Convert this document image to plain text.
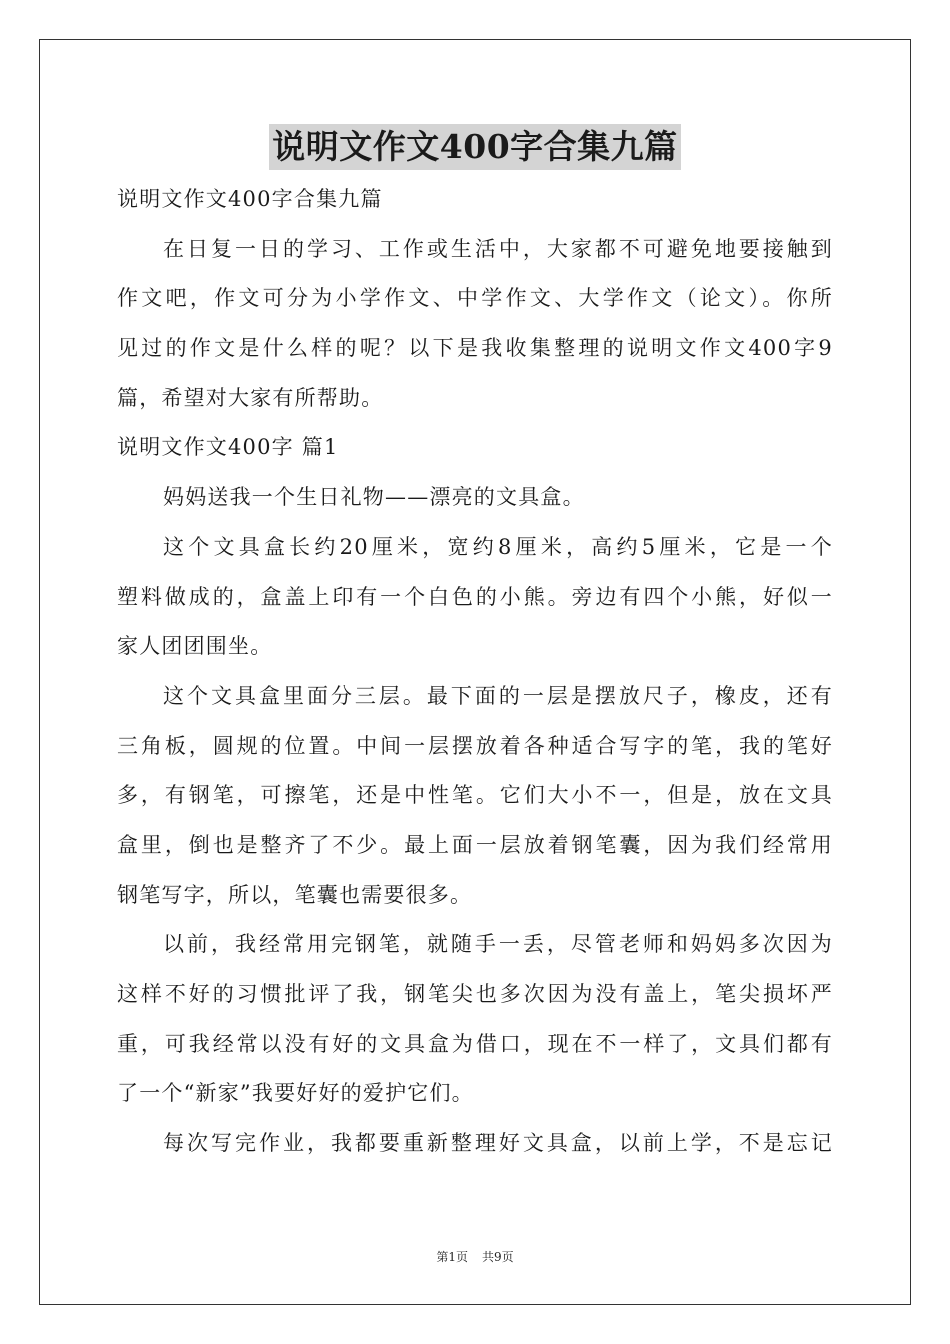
说明文作文400字合集九篇
说明文作文400字合集九篇
在日复一日的学习、工作或生活中，大家都不可避免地要接触到
作文吧，作文可分为小学作文、中学作文、大学作文（论文）。你所
见过的作文是什么样的呢？以下是我收集整理的说明文作文400字9
篇，希望对大家有所帮助。
说明文作文400字 篇1
妈妈送我一个生日礼物——漂亮的文具盒。
这个文具盒长约20厘米，宽约8厘米，高约5厘米，它是一个
塑料做成的，盒盖上印有一个白色的小熊。旁边有四个小熊，好似一
家人团团围坐。
这个文具盒里面分三层。最下面的一层是摆放尺子，橡皮，还有
三角板，圆规的位置。中间一层摆放着各种适合写字的笔，我的笔好
多，有钢笔，可擦笔，还是中性笔。它们大小不一，但是，放在文具
盒里，倒也是整齐了不少。最上面一层放着钢笔囊，因为我们经常用
钢笔写字，所以，笔囊也需要很多。
以前，我经常用完钢笔，就随手一丢，尽管老师和妈妈多次因为
这样不好的习惯批评了我，钢笔尖也多次因为没有盖上，笔尖损坏严
重，可我经常以没有好的文具盒为借口，现在不一样了，文具们都有
了一个“新家”我要好好的爱护它们。
每次写完作业，我都要重新整理好文具盒，以前上学，不是忘记
第1页 共9页
